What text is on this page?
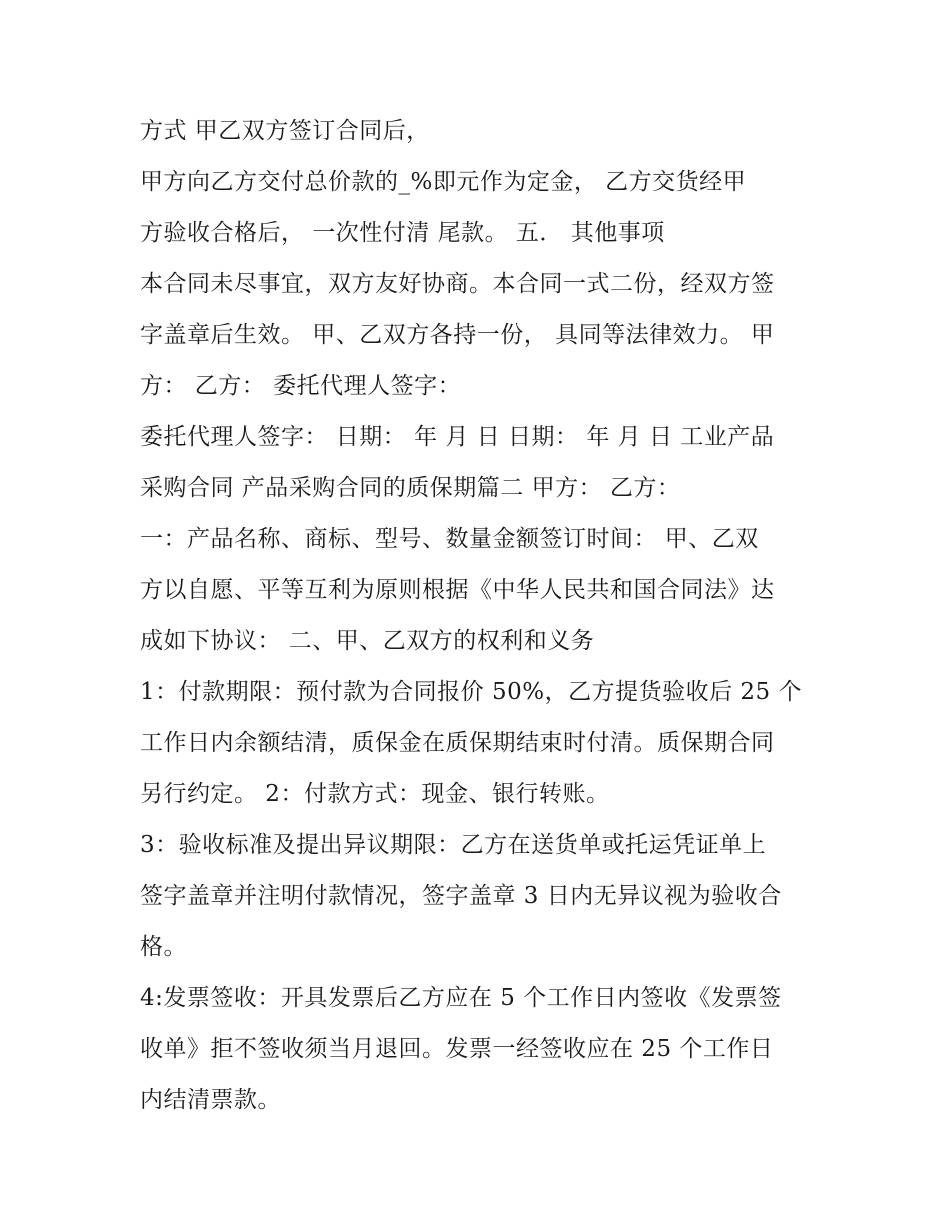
方式 甲乙双方签订合同后，
甲方向乙方交付总价款的_%即元作为定金， 乙方交货经甲
方验收合格后， 一次性付清 尾款。 五． 其他事项
本合同未尽事宜，双方友好协商。本合同一式二份，经双方签
字盖章后生效。 甲、乙双方各持一份， 具同等法律效力。 甲
方： 乙方： 委托代理人签字：
委托代理人签字： 日期： 年 月 日 日期： 年 月 日 工业产品
采购合同 产品采购合同的质保期篇二 甲方： 乙方：
一：产品名称、商标、型号、数量金额签订时间： 甲、乙双
方以自愿、平等互利为原则根据《中华人民共和国合同法》达
成如下协议： 二、甲、乙双方的权利和义务
1：付款期限：预付款为合同报价 50%，乙方提货验收后 25 个
工作日内余额结清，质保金在质保期结束时付清。质保期合同
另行约定。 2：付款方式：现金、银行转账。
3：验收标准及提出异议期限：乙方在送货单或托运凭证单上
签字盖章并注明付款情况，签字盖章 3 日内无异议视为验收合
格。
4:发票签收：开具发票后乙方应在 5 个工作日内签收《发票签
收单》拒不签收须当月退回。发票一经签收应在 25 个工作日
内结清票款。
